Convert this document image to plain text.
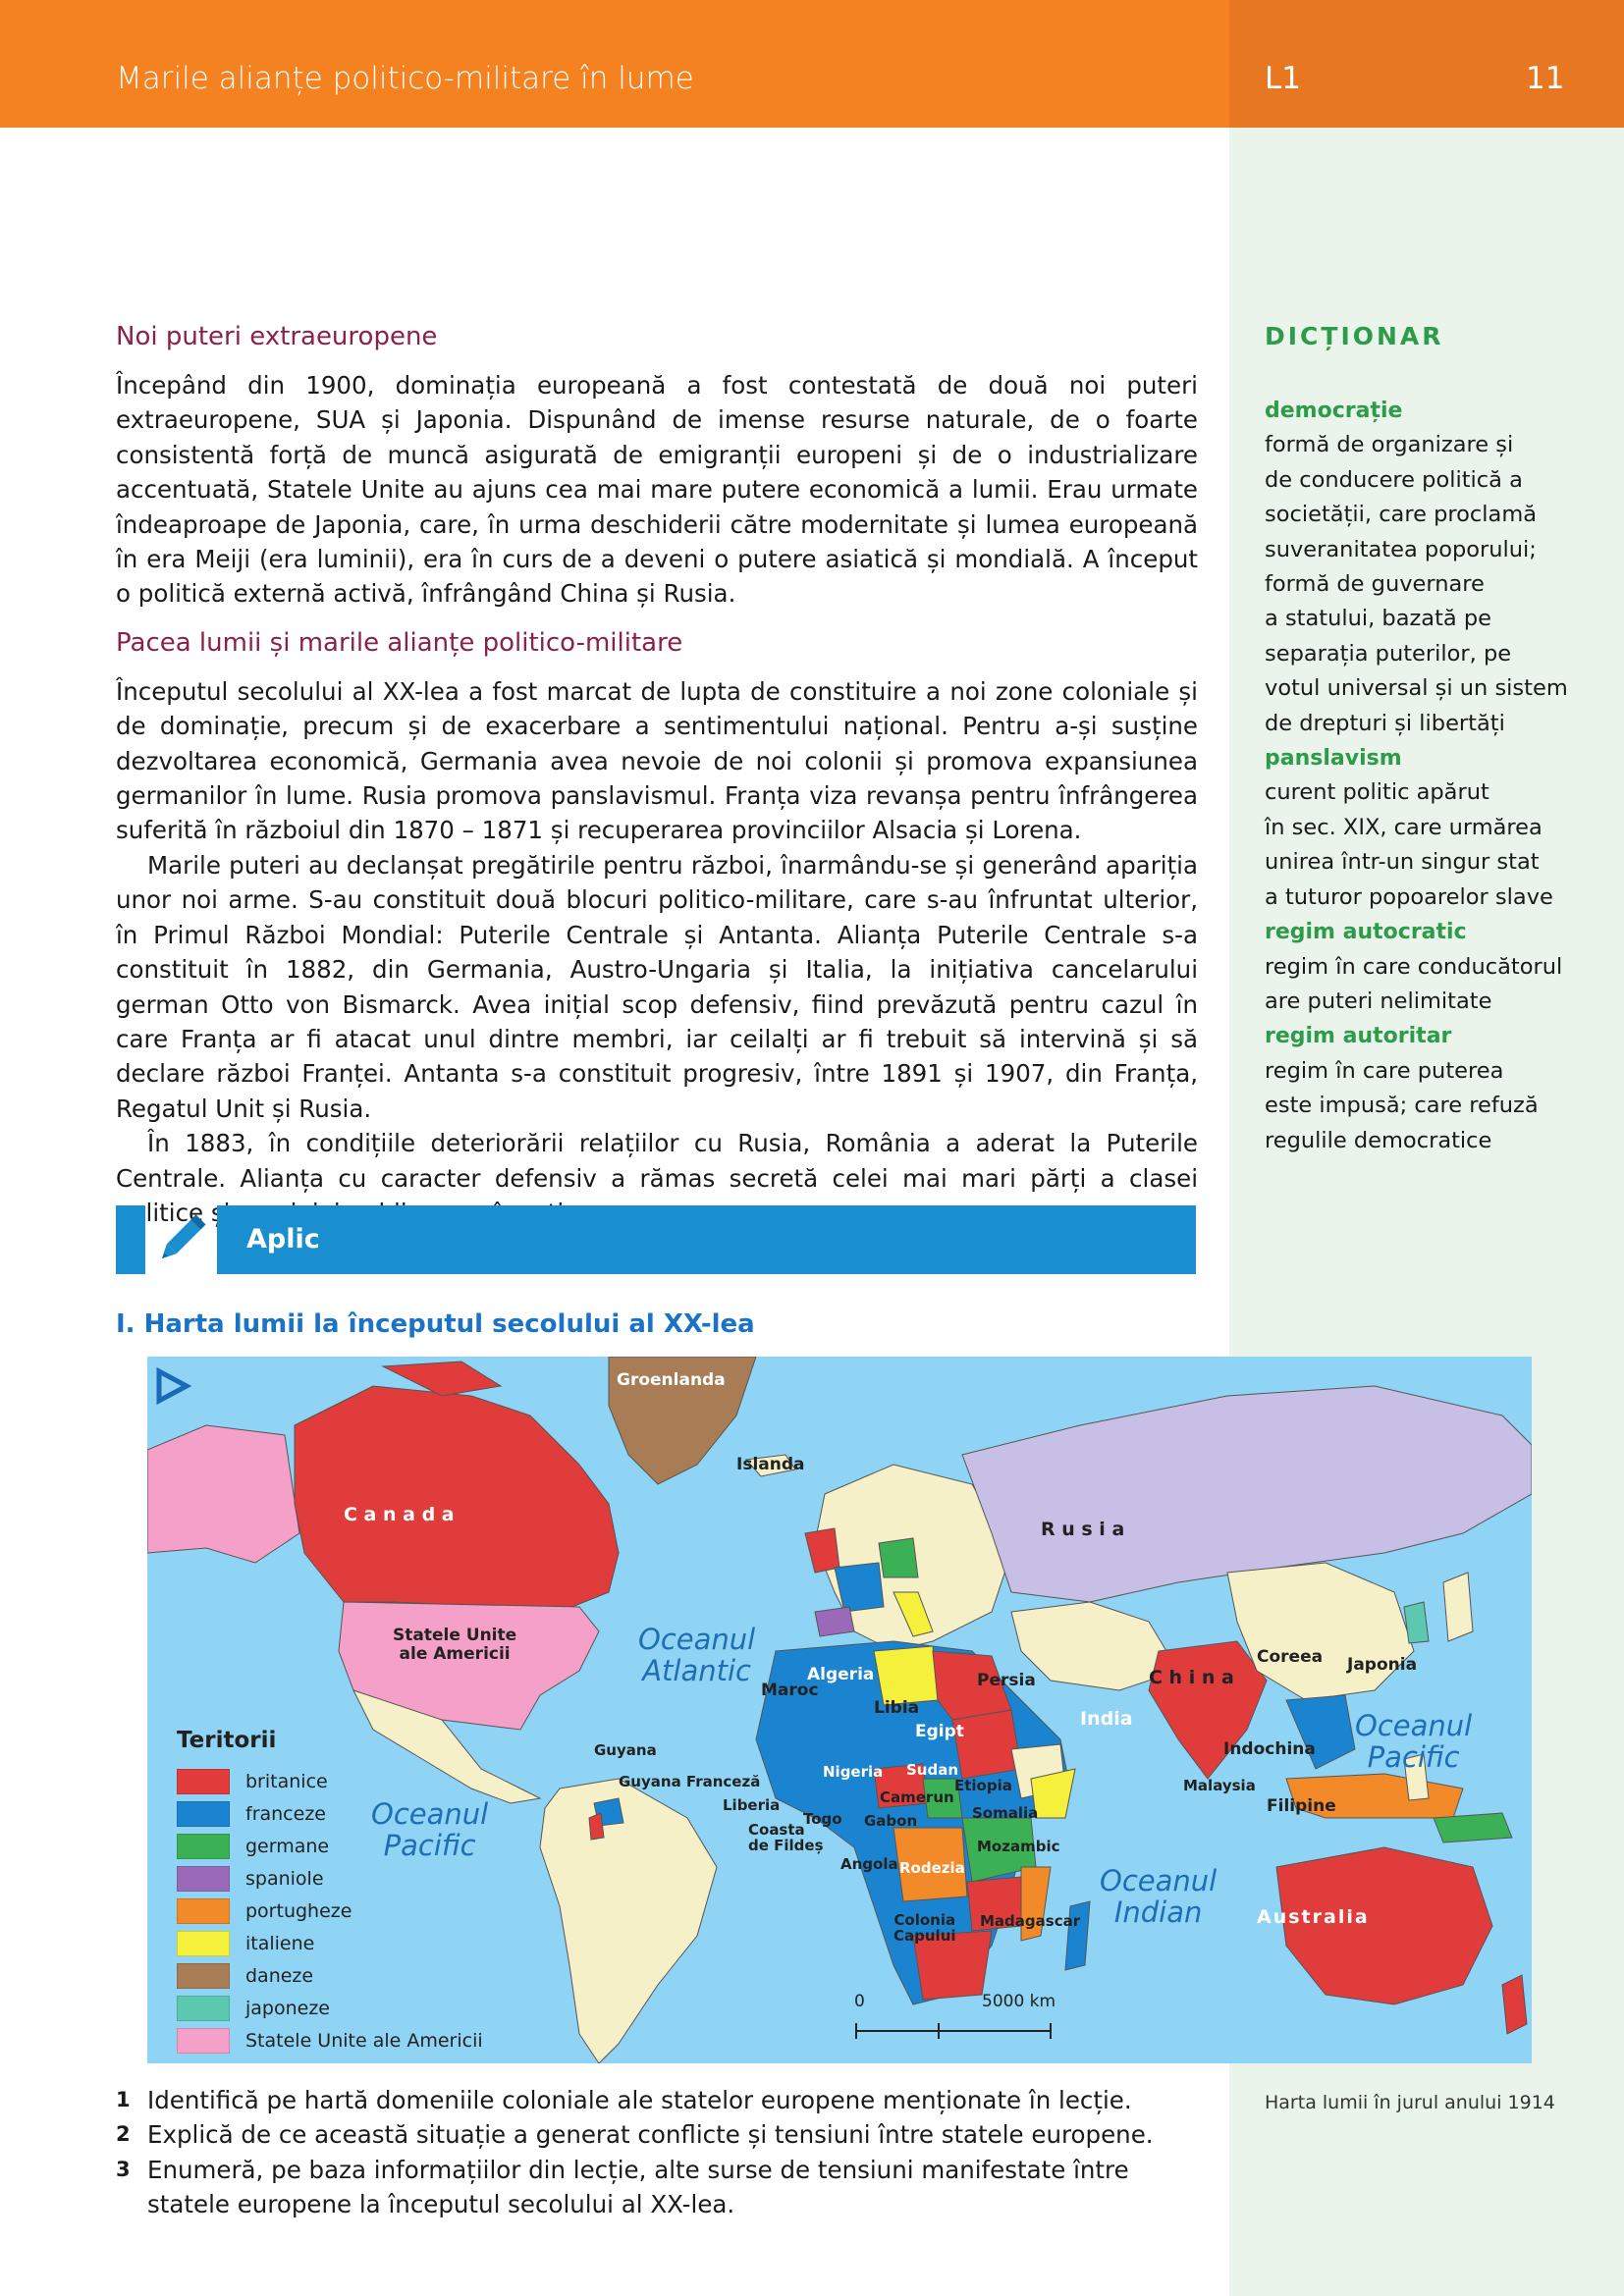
Marile alianțe politico-militare în lume	L1	11
Noi puteri extraeuropene

Începând din 1900, dominația europeană a fost contestată de două noi puteri extraeuropene, SUA și Japonia. Dispunând de imense resurse naturale, de o foarte consistentă forță de muncă asigurată de emigranții europeni și de o industrializare accentuată, Statele Unite au ajuns cea mai mare putere economică a lumii. Erau urmate îndeaproape de Japonia, care, în urma deschiderii către modernitate și lumea europeană în era Meiji (era luminii), era în curs de a deveni o putere asiatică și mondială. A început o politică externă activă, înfrângând China și Rusia.

Pacea lumii și marile alianțe politico-militare

Începutul secolului al XX-lea a fost marcat de lupta de constituire a noi zone coloniale și de dominație, precum și de exacerbare a sentimentului național. Pentru a-și susține dezvoltarea economică, Germania avea nevoie de noi colonii și promova expansiunea germanilor în lume. Rusia promova panslavismul. Franța viza revanșa pentru înfrângerea suferită în războiul din 1870 – 1871 și recuperarea provinciilor Alsacia și Lorena.

Marile puteri au declanșat pregătirile pentru război, înarmându-se și generând apariția unor noi arme. S-au constituit două blocuri politico-militare, care s-au înfruntat ulterior, în Primul Război Mondial: Puterile Centrale și Antanta. Alianța Puterile Centrale s-a constituit în 1882, din Germania, Austro-Ungaria și Italia, la inițiativa cancelarului german Otto von Bismarck. Avea inițial scop defensiv, fiind prevăzută pentru cazul în care Franța ar fi atacat unul dintre membri, iar ceilalți ar fi trebuit să intervină și să declare război Franței. Antanta s-a constituit progresiv, între 1891 și 1907, din Franța, Regatul Unit și Rusia.

În 1883, în condițiile deteriorării relațiilor cu Rusia, România a aderat la Puterile Centrale. Alianța cu caracter defensiv a rămas secretă celei mai mari părți a clasei politice

Aplic
I. Harta lumii la începutul secolului al XX-lea
Groenlanda
Islanda
C a n a d a
R u s i a
Statele Unite
ale Americii	Oceanul
Atlantic
Maroc
Algeria
Libia
Egipt
Persia	C h i n a
Coreea Japonia
India	Oceanul
Pacific
Indochina
Malaysia
Filipine
Guyana
Guyana Franceză
Oceanul
Pacific
Liberia
Nigeria Sudan
Etiopia
Camerun
Togo Gabon	Somalia
Coasta
de Fildeș
Angola Rodezia
Mozambic
Oceanul
Indian	Australia
Colonia
Capului
Madagascar
Teritorii
britanice
franceze
germane
spaniole
portugheze
italiene
daneze
japoneze
Statele Unite ale Americii
0	5000 km
1 Identifică pe hartă domeniile coloniale ale statelor europene menționate în lecție.
2 Explică de ce această situație a generat conflicte și tensiuni între statele europene.
3 Enumeră, pe baza informațiilor din lecție, alte surse de tensiuni manifestate între statele europene la începutul secolului al XX-lea.
Harta lumii în jurul anului 1914
DICȚIONAR
democrație
formă de organizare și
de conducere politică a
societății, care proclamă
suveranitatea poporului;
formă de guvernare
a statului, bazată pe
separația puterilor, pe
votul universal și un sistem
de drepturi și libertăți
panslavism
curent politic apărut
în sec. XIX, care urmărea
unirea într-un singur stat
a tuturor popoarelor slave
regim autocratic
regim în care conducătorul
are puteri nelimitate
regim autoritar
regim în care puterea
este impusă; care refuză
regulile democratice
